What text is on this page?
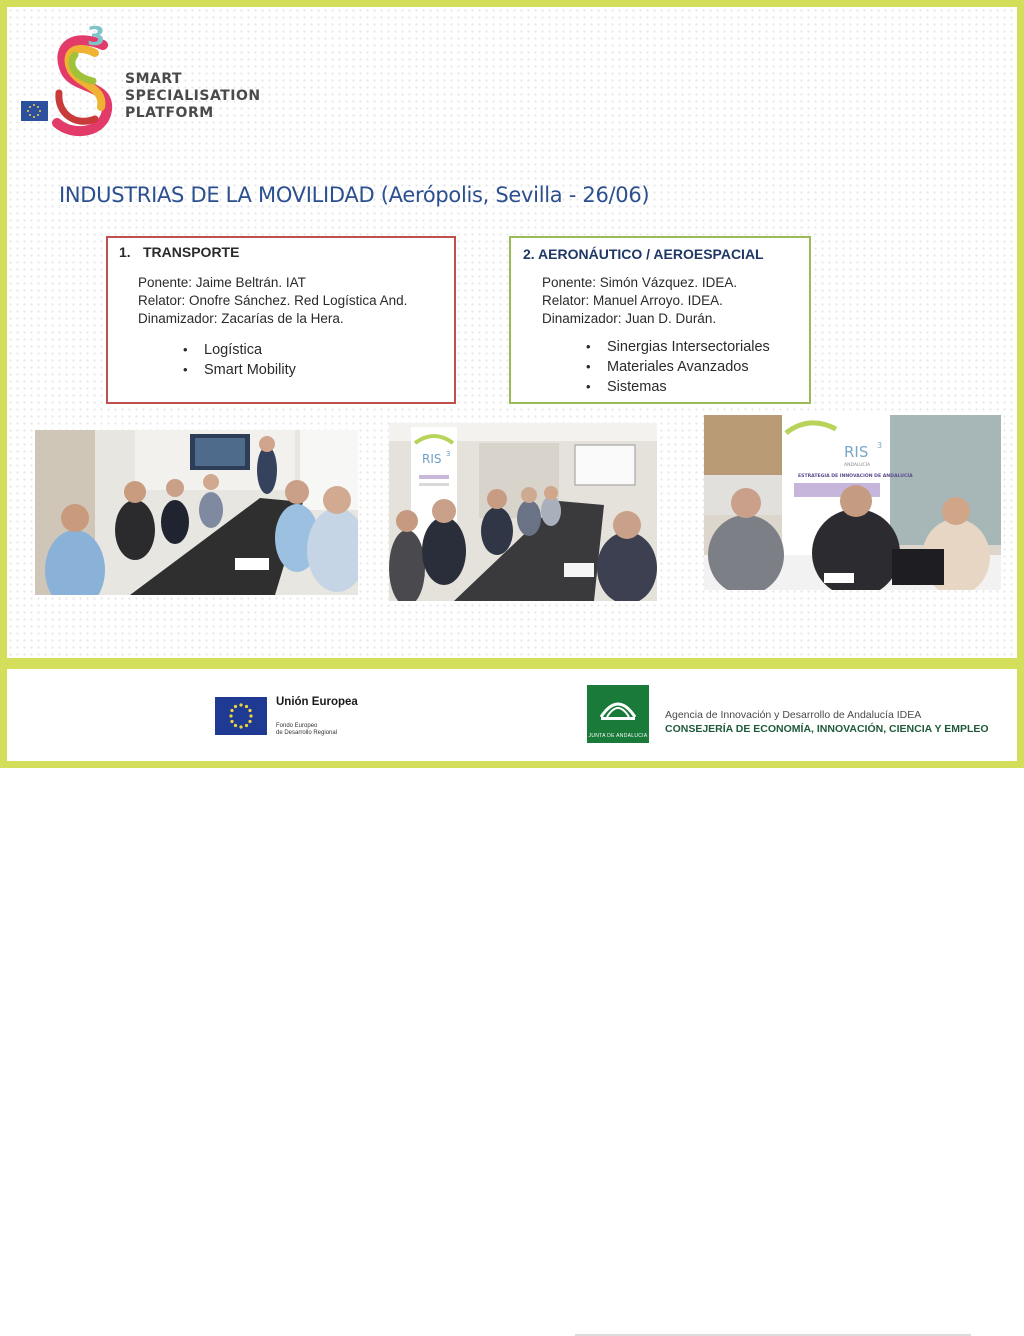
3
SMART
SPECIALISATION
PLATFORM
INDUSTRIAS DE LA MOVILIDAD (Aerópolis, Sevilla - 26/06)
1. TRANSPORTE
Ponente: Jaime Beltrán. IAT
Relator: Onofre Sánchez. Red Logística And.
Dinamizador: Zacarías de la Hera.
• Logística
• Smart Mobility
2. AERONÁUTICO / AEROESPACIAL
Ponente: Simón Vázquez. IDEA.
Relator: Manuel Arroyo. IDEA.
Dinamizador: Juan D. Durán.
• Sinergias Intersectoriales
• Materiales Avanzados
• Sistemas
RIS 3	RIS 3
ANDALUCÍA
ESTRATEGIA DE INNOVACIÓN DE ANDALUCÍA
Unión Europea
Fondo Europeo
de Desarrollo Regional	JUNTA DE ANDALUCIA
Agencia de Innovación y Desarrollo de Andalucía IDEA
CONSEJERÍA DE ECONOMÍA, INNOVACIÓN, CIENCIA Y EMPLEO
